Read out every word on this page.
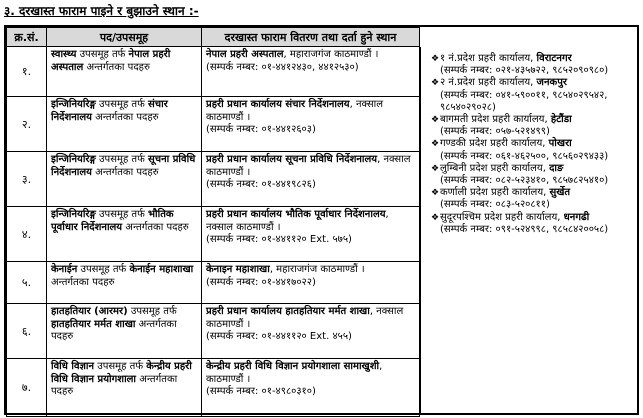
३. दरखास्त फाराम पाइने र बुझाउने स्थान :-
क्र.सं.	पद/उपसमूह	दरखास्त फाराम वितरण तथा दर्ता हुने स्थान
१.	स्वास्थ्य उपसमूह तर्फ नेपाल प्रहरी अस्पताल अन्तर्गतका पदहरु	नेपाल प्रहरी अस्पताल, महाराजगंज काठमाण्डौं ।
(सम्पर्क नम्बर: ०१-४४१२४३०, ४४१२५३०)
२.	इन्जिनियरिङ्ग उपसमूह तर्फ संचार निर्देशनालय अन्तर्गतका पदहरु	प्रहरी प्रधान कार्यालय संचार निर्देशनालय, नक्साल काठमाण्डौं ।
(सम्पर्क नम्बर: ०१-४४१२६०३)
३.	इन्जिनियरिङ्ग उपसमूह तर्फ सूचना प्रविधि निर्देशनालय अन्तर्गतका पदहरु	प्रहरी प्रधान कार्यालय सूचना प्रविधि निर्देशनालय, नक्साल काठमाण्डौं ।
(सम्पर्क नम्बर: ०१-४४१९८२६)
४.	इन्जिनियरिङ्ग उपसमूह तर्फ भौतिक पूर्वाधार निर्देशनालय अन्तर्गतका पदहरु	प्रहरी प्रधान कार्यालय भौतिक पूर्वाधार निर्देशनालय, नक्साल काठमाण्डौं ।
(सम्पर्क नम्बर: ०१-४४११२० Ext. ५७५)
५.	केनाईन उपसमूह तर्फ केनाईन महाशाखा अन्तर्गतका पदहरु	केनाइन महाशाखा, महाराजगंज काठमाण्डौं ।
(सम्पर्क नम्बर: ०१-४४१७०२२)
६.	हातहतियार (आरमर) उपसमूह तर्फ हातहतियार मर्मत शाखा अन्तर्गतका पदहरु	प्रहरी प्रधान कार्यालय हातहतियार मर्मत शाखा, नक्साल काठमाण्डौं ।
(सम्पर्क नम्बर: ०१-४४११२० Ext. ४५५)
७.	विधि विज्ञान उपसमूह तर्फ केन्द्रीय प्रहरी विधि विज्ञान प्रयोगशाला अन्तर्गतका पदहरु	केन्द्रीय प्रहरी विधि विज्ञान प्रयोगशाला सामाखुशी, काठमाण्डौं ।
(सम्पर्क नम्बर: ०१-४९८०३१०)
❖ १ नं.प्रदेश प्रहरी कार्यालय, विराटनगर
(सम्पर्क नम्बर: ०२१-४३५७२२, ९८५२०९०९८०)
❖ २ नं.प्रदेश प्रहरी कार्यालय, जनकपुर
(सम्पर्क नम्बर: ०४१-५९००११, ९८५४०२९५४२, ९८५४०२९०२८)
❖ बागमती प्रदेश प्रहरी कार्यालय, हेटौंडा
(सम्पर्क नम्बर: ०५७-५२१४९९)
❖ गण्डकी प्रदेश प्रहरी कार्यालय, पोखरा
(सम्पर्क नम्बर: ०६१-४६२५००, ९८५६०२९४३३)
❖ लुम्बिनी प्रदेश प्रहरी कार्यालय, दाङ
(सम्पर्क नम्बर: ०८२-५२३४१०, ९८५७८२५४१०)
❖ कर्णाली प्रदेश प्रहरी कार्यालय, सुर्खेत
(सम्पर्क नम्बर: ०८३-५२०८११)
❖ सुदूरपश्चिम प्रदेश प्रहरी कार्यालय, धनगढी
(सम्पर्क नम्बर: ०९१-५२४९९८, ९८५८४२००५८)
